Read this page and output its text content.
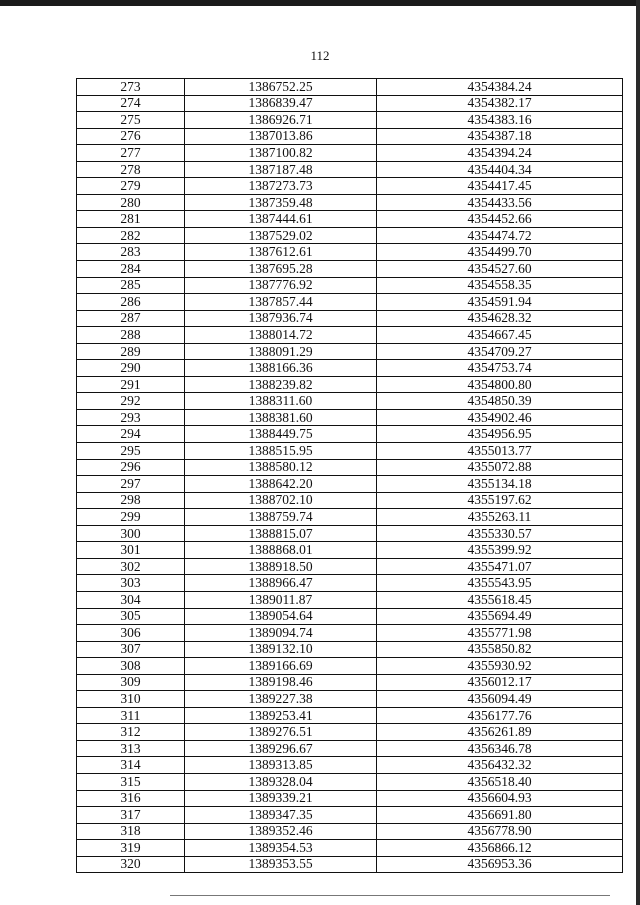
112
273	1386752.25	4354384.24
274	1386839.47	4354382.17
275	1386926.71	4354383.16
276	1387013.86	4354387.18
277	1387100.82	4354394.24
278	1387187.48	4354404.34
279	1387273.73	4354417.45
280	1387359.48	4354433.56
281	1387444.61	4354452.66
282	1387529.02	4354474.72
283	1387612.61	4354499.70
284	1387695.28	4354527.60
285	1387776.92	4354558.35
286	1387857.44	4354591.94
287	1387936.74	4354628.32
288	1388014.72	4354667.45
289	1388091.29	4354709.27
290	1388166.36	4354753.74
291	1388239.82	4354800.80
292	1388311.60	4354850.39
293	1388381.60	4354902.46
294	1388449.75	4354956.95
295	1388515.95	4355013.77
296	1388580.12	4355072.88
297	1388642.20	4355134.18
298	1388702.10	4355197.62
299	1388759.74	4355263.11
300	1388815.07	4355330.57
301	1388868.01	4355399.92
302	1388918.50	4355471.07
303	1388966.47	4355543.95
304	1389011.87	4355618.45
305	1389054.64	4355694.49
306	1389094.74	4355771.98
307	1389132.10	4355850.82
308	1389166.69	4355930.92
309	1389198.46	4356012.17
310	1389227.38	4356094.49
311	1389253.41	4356177.76
312	1389276.51	4356261.89
313	1389296.67	4356346.78
314	1389313.85	4356432.32
315	1389328.04	4356518.40
316	1389339.21	4356604.93
317	1389347.35	4356691.80
318	1389352.46	4356778.90
319	1389354.53	4356866.12
320	1389353.55	4356953.36
